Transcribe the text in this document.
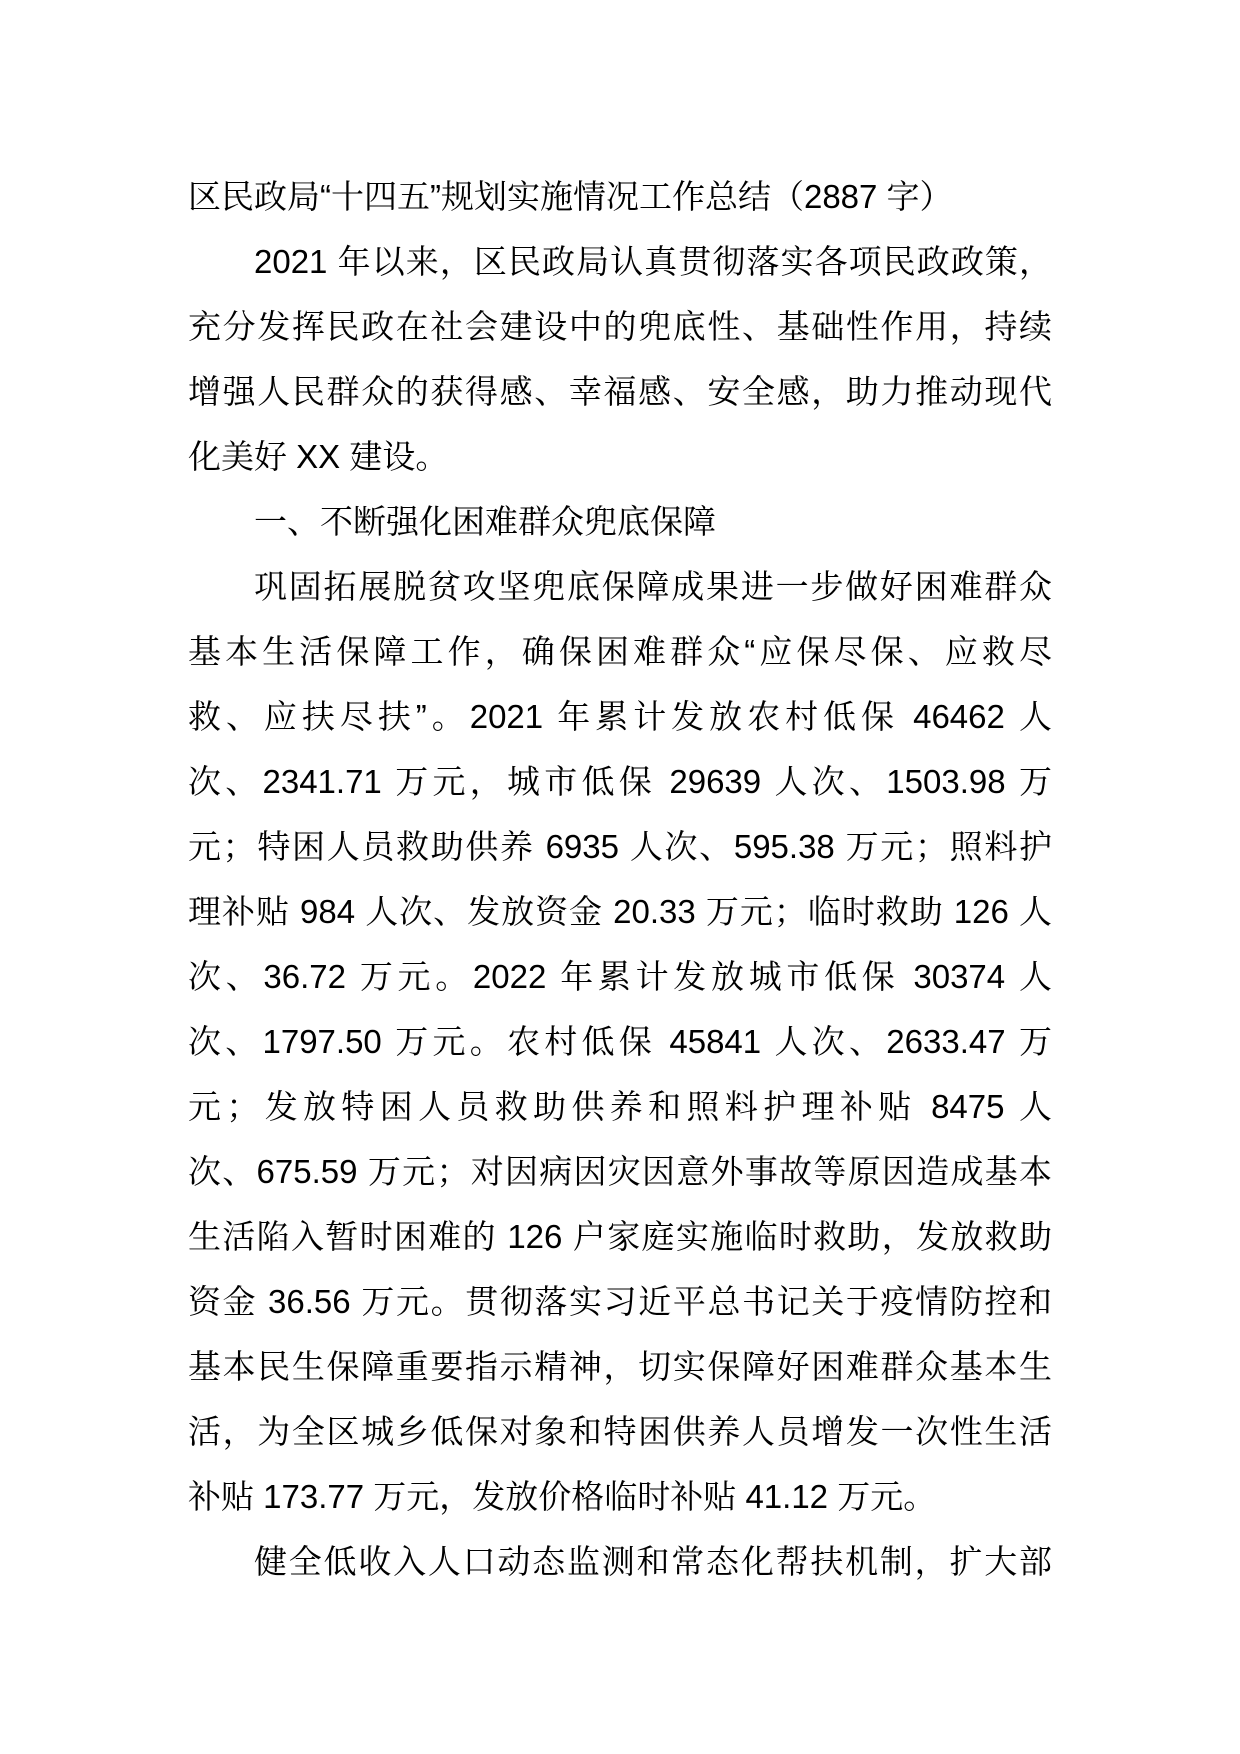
区民政局“十四五”规划实施情况工作总结（2887 字）
2021 年以来，区民政局认真贯彻落实各项民政政策，
充分发挥民政在社会建设中的兜底性、基础性作用，持续
增强人民群众的获得感、幸福感、安全感，助力推动现代
化美好 XX 建设。
一、不断强化困难群众兜底保障
巩固拓展脱贫攻坚兜底保障成果进一步做好困难群众
基本生活保障工作，确保困难群众“应保尽保、应救尽
救、应扶尽扶”。2021 年累计发放农村低保 46462 人
次、2341.71 万元，城市低保 29639 人次、1503.98 万
元；特困人员救助供养 6935 人次、595.38 万元；照料护
理补贴 984 人次、发放资金 20.33 万元；临时救助 126 人
次、36.72 万元。2022 年累计发放城市低保 30374 人
次、1797.50 万元。农村低保 45841 人次、2633.47 万
元；发放特困人员救助供养和照料护理补贴 8475 人
次、675.59 万元；对因病因灾因意外事故等原因造成基本
生活陷入暂时困难的 126 户家庭实施临时救助，发放救助
资金 36.56 万元。贯彻落实习近平总书记关于疫情防控和
基本民生保障重要指示精神，切实保障好困难群众基本生
活，为全区城乡低保对象和特困供养人员增发一次性生活
补贴 173.77 万元，发放价格临时补贴 41.12 万元。
健全低收入人口动态监测和常态化帮扶机制，扩大部
